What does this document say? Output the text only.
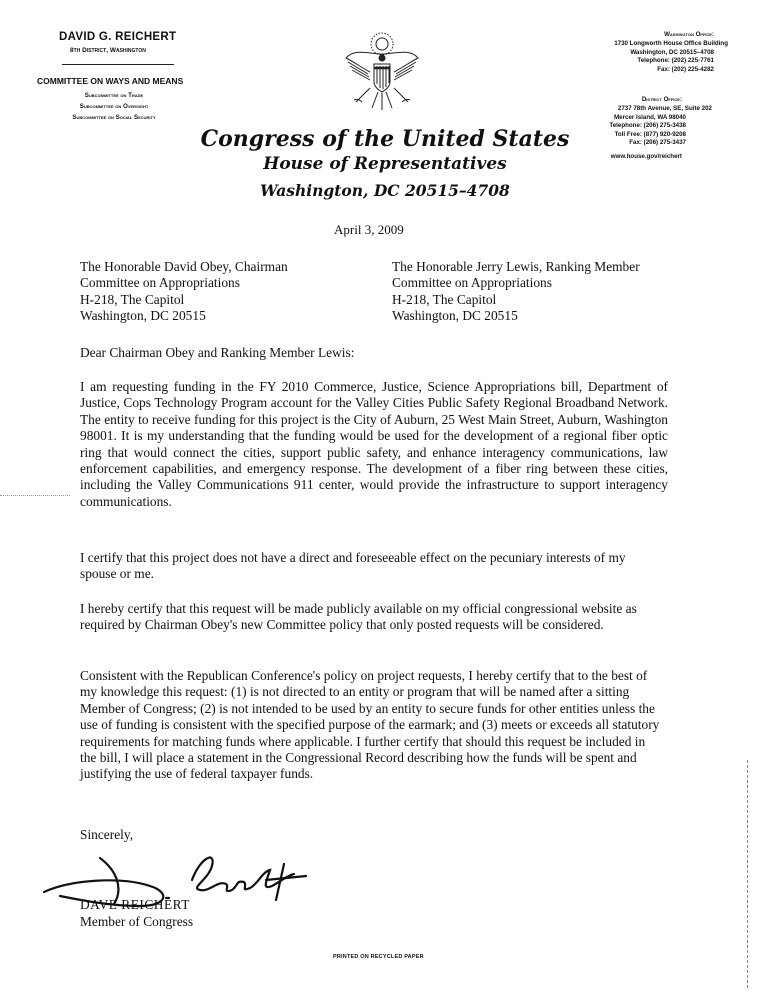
DAVID G. REICHERT
8th District, Washington
COMMITTEE ON WAYS AND MEANS
Subcommittee on Trade
Subcommittee on Oversight
Subcommittee on Social Security
Congress of the United States
House of Representatives
Washington, DC 20515–4708
Washington Office:
1730 Longworth House Office Building
Washington, DC 20515–4708
Telephone: (202) 225-7761
Fax: (202) 225-4282
District Office:
2737 78th Avenue, SE, Suite 202
Mercer Island, WA 98040
Telephone: (206) 275-3438
Toll Free: (877) 920-9208
Fax: (206) 275-3437
www.house.gov/reichert
April 3, 2009
The Honorable David Obey, Chairman
Committee on Appropriations
H-218, The Capitol
Washington, DC 20515
The Honorable Jerry Lewis, Ranking Member
Committee on Appropriations
H-218, The Capitol
Washington, DC 20515
Dear Chairman Obey and Ranking Member Lewis:
I am requesting funding in the FY 2010 Commerce, Justice, Science Appropriations bill, Department of Justice, Cops Technology Program account for the Valley Cities Public Safety Regional Broadband Network. The entity to receive funding for this project is the City of Auburn, 25 West Main Street, Auburn, Washington 98001. It is my understanding that the funding would be used for the development of a regional fiber optic ring that would connect the cities, support public safety, and enhance interagency communications, law enforcement capabilities, and emergency response. The development of a fiber ring between these cities, including the Valley Communications 911 center, would provide the infrastructure to support interagency communications.
I certify that this project does not have a direct and foreseeable effect on the pecuniary interests of my spouse or me.
I hereby certify that this request will be made publicly available on my official congressional website as required by Chairman Obey's new Committee policy that only posted requests will be considered.
Consistent with the Republican Conference's policy on project requests, I hereby certify that to the best of my knowledge this request: (1) is not directed to an entity or program that will be named after a sitting Member of Congress; (2) is not intended to be used by an entity to secure funds for other entities unless the use of funding is consistent with the specified purpose of the earmark; and (3) meets or exceeds all statutory requirements for matching funds where applicable. I further certify that should this request be included in the bill, I will place a statement in the Congressional Record describing how the funds will be spent and justifying the use of federal taxpayer funds.
Sincerely,
DAVE REICHERT
Member of Congress
PRINTED ON RECYCLED PAPER
